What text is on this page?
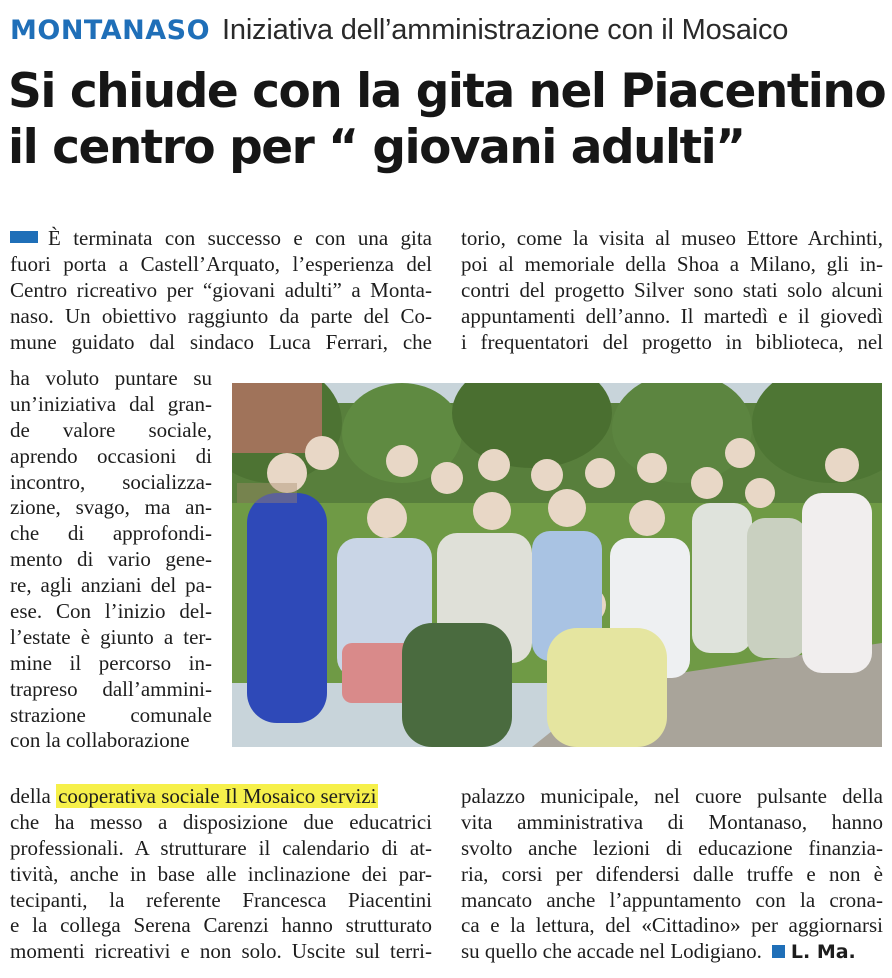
MONTANASO Iniziativa dell’amministrazione con il Mosaico
Si chiude con la gita nel Piacentino
il centro per “ giovani adulti”
È terminata con successo e con una gita
fuori porta a Castell’Arquato, l’esperienza del
Centro ricreativo per “giovani adulti” a Monta-
naso. Un obiettivo raggiunto da parte del Co-
mune guidato dal sindaco Luca Ferrari, che
ha voluto puntare su
un’iniziativa dal gran-
de valore sociale,
aprendo occasioni di
incontro, socializza-
zione, svago, ma an-
che di approfondi-
mento di vario gene-
re, agli anziani del pa-
ese. Con l’inizio del-
l’estate è giunto a ter-
mine il percorso in-
trapreso dall’ammini-
strazione comunale
con la collaborazione
della cooperativa sociale Il Mosaico servizi
che ha messo a disposizione due educatrici
professionali. A strutturare il calendario di at-
tività, anche in base alle inclinazione dei par-
tecipanti, la referente Francesca Piacentini
e la collega Serena Carenzi hanno strutturato
momenti ricreativi e non solo. Uscite sul terri-
torio, come la visita al museo Ettore Archinti,
poi al memoriale della Shoa a Milano, gli in-
contri del progetto Silver sono stati solo alcuni
appuntamenti dell’anno. Il martedì e il giovedì
i frequentatori del progetto in biblioteca, nel
palazzo municipale, nel cuore pulsante della
vita amministrativa di Montanaso, hanno
svolto anche lezioni di educazione finanzia-
ria, corsi per difendersi dalle truffe e non è
mancato anche l’appuntamento con la crona-
ca e la lettura, del «Cittadino» per aggiornarsi
su quello che accade nel Lodigiano. L. Ma.
